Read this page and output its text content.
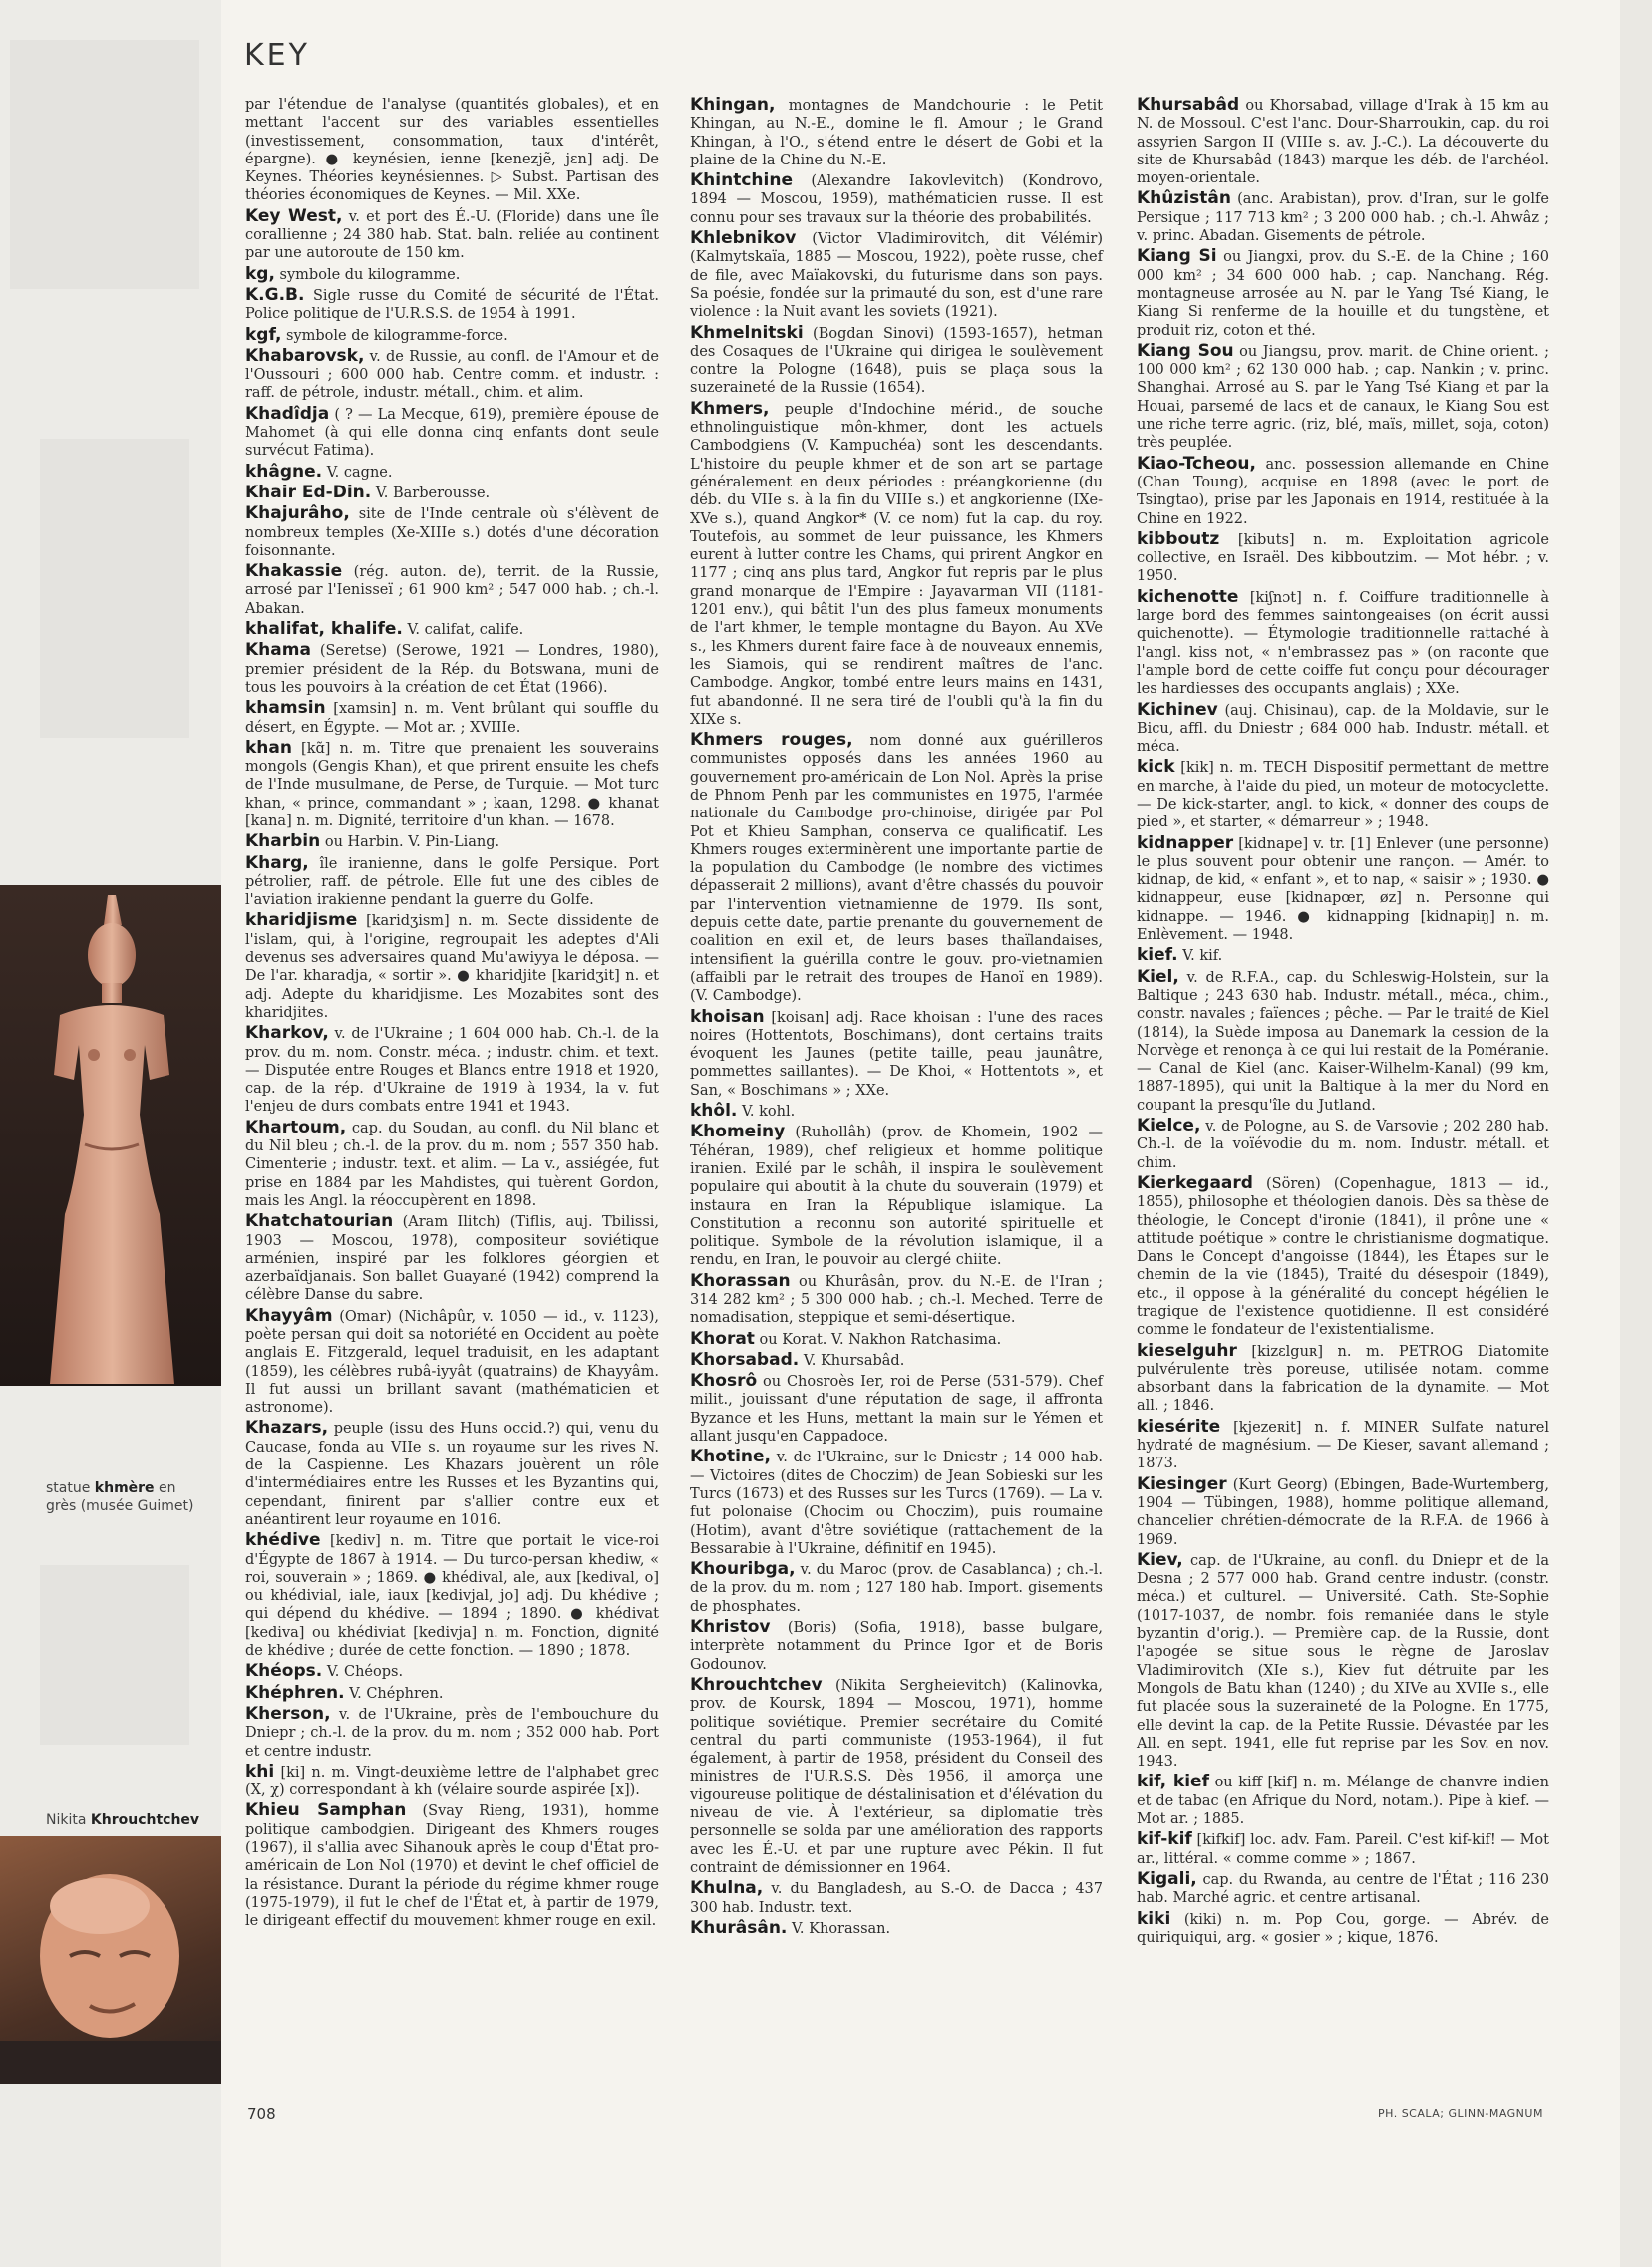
KEY
statue khmère en grès (musée Guimet)
Nikita Khrouchtchev
par l'étendue de l'analyse (quantités globales), et en mettant l'accent sur des variables essentielles (investissement, consommation, taux d'intérêt, épargne). ● keynésien, ienne [kenezjẽ, jɛn] adj. De Keynes. Théories keynésiennes. ▷ Subst. Partisan des théories économiques de Keynes. — Mil. XXe.
Key West, v. et port des É.-U. (Floride) dans une île corallienne ; 24 380 hab. Stat. baln. reliée au continent par une autoroute de 150 km.
kg, symbole du kilogramme.
K.G.B. Sigle russe du Comité de sécurité de l'État. Police politique de l'U.R.S.S. de 1954 à 1991.
kgf, symbole de kilogramme-force.
Khabarovsk, v. de Russie, au confl. de l'Amour et de l'Oussouri ; 600 000 hab. Centre comm. et industr. : raff. de pétrole, industr. métall., chim. et alim.
Khadîdja ( ? — La Mecque, 619), première épouse de Mahomet (à qui elle donna cinq enfants dont seule survécut Fatima).
khâgne. V. cagne.
Khair Ed-Din. V. Barberousse.
Khajurâho, site de l'Inde centrale où s'élèvent de nombreux temples (Xe-XIIIe s.) dotés d'une décoration foisonnante.
Khakassie (rég. auton. de), territ. de la Russie, arrosé par l'Ienisseï ; 61 900 km² ; 547 000 hab. ; ch.-l. Abakan.
khalifat, khalife. V. califat, calife.
Khama (Seretse) (Serowe, 1921 — Londres, 1980), premier président de la Rép. du Botswana, muni de tous les pouvoirs à la création de cet État (1966).
khamsin [xamsin] n. m. Vent brûlant qui souffle du désert, en Égypte. — Mot ar. ; XVIIIe.
khan [kɑ̃] n. m. Titre que prenaient les souverains mongols (Gengis Khan), et que prirent ensuite les chefs de l'Inde musulmane, de Perse, de Turquie. — Mot turc khan, « prince, commandant » ; kaan, 1298. ● khanat [kana] n. m. Dignité, territoire d'un khan. — 1678.
Kharbin ou Harbin. V. Pin-Liang.
Kharg, île iranienne, dans le golfe Persique. Port pétrolier, raff. de pétrole. Elle fut une des cibles de l'aviation irakienne pendant la guerre du Golfe.
kharidjisme [karidʒism] n. m. Secte dissidente de l'islam, qui, à l'origine, regroupait les adeptes d'Ali devenus ses adversaires quand Mu'awiyya le déposa. — De l'ar. kharadja, « sortir ». ● kharidjite [karidʒit] n. et adj. Adepte du kharidjisme. Les Mozabites sont des kharidjites.
Kharkov, v. de l'Ukraine ; 1 604 000 hab. Ch.-l. de la prov. du m. nom. Constr. méca. ; industr. chim. et text. — Disputée entre Rouges et Blancs entre 1918 et 1920, cap. de la rép. d'Ukraine de 1919 à 1934, la v. fut l'enjeu de durs combats entre 1941 et 1943.
Khartoum, cap. du Soudan, au confl. du Nil blanc et du Nil bleu ; ch.-l. de la prov. du m. nom ; 557 350 hab. Cimenterie ; industr. text. et alim. — La v., assiégée, fut prise en 1884 par les Mahdistes, qui tuèrent Gordon, mais les Angl. la réoccupèrent en 1898.
Khatchatourian (Aram Ilitch) (Tiflis, auj. Tbilissi, 1903 — Moscou, 1978), compositeur soviétique arménien, inspiré par les folklores géorgien et azerbaïdjanais. Son ballet Guayané (1942) comprend la célèbre Danse du sabre.
Khayyâm (Omar) (Nichâpûr, v. 1050 — id., v. 1123), poète persan qui doit sa notoriété en Occident au poète anglais E. Fitzgerald, lequel traduisit, en les adaptant (1859), les célèbres rubâ-iyyât (quatrains) de Khayyâm. Il fut aussi un brillant savant (mathématicien et astronome).
Khazars, peuple (issu des Huns occid.?) qui, venu du Caucase, fonda au VIIe s. un royaume sur les rives N. de la Caspienne. Les Khazars jouèrent un rôle d'intermédiaires entre les Russes et les Byzantins qui, cependant, finirent par s'allier contre eux et anéantirent leur royaume en 1016.
khédive [kediv] n. m. Titre que portait le vice-roi d'Égypte de 1867 à 1914. — Du turco-persan khediw, « roi, souverain » ; 1869. ● khédival, ale, aux [kedival, o] ou khédivial, iale, iaux [kedivjal, jo] adj. Du khédive ; qui dépend du khédive. — 1894 ; 1890. ● khédivat [kediva] ou khédiviat [kedivja] n. m. Fonction, dignité de khédive ; durée de cette fonction. — 1890 ; 1878.
Khéops. V. Chéops.
Khéphren. V. Chéphren.
Kherson, v. de l'Ukraine, près de l'embouchure du Dniepr ; ch.-l. de la prov. du m. nom ; 352 000 hab. Port et centre industr.
khi [ki] n. m. Vingt-deuxième lettre de l'alphabet grec (Χ, χ) correspondant à kh (vélaire sourde aspirée [x]).
Khieu Samphan (Svay Rieng, 1931), homme politique cambodgien. Dirigeant des Khmers rouges (1967), il s'allia avec Sihanouk après le coup d'État pro-américain de Lon Nol (1970) et devint le chef officiel de la résistance. Durant la période du régime khmer rouge (1975-1979), il fut le chef de l'État et, à partir de 1979, le dirigeant effectif du mouvement khmer rouge en exil.
Khingan, montagnes de Mandchourie : le Petit Khingan, au N.-E., domine le fl. Amour ; le Grand Khingan, à l'O., s'étend entre le désert de Gobi et la plaine de la Chine du N.-E.
Khintchine (Alexandre Iakovlevitch) (Kondrovo, 1894 — Moscou, 1959), mathématicien russe. Il est connu pour ses travaux sur la théorie des probabilités.
Khlebnikov (Victor Vladimirovitch, dit Vélémir) (Kalmytskaïa, 1885 — Moscou, 1922), poète russe, chef de file, avec Maïakovski, du futurisme dans son pays. Sa poésie, fondée sur la primauté du son, est d'une rare violence : la Nuit avant les soviets (1921).
Khmelnitski (Bogdan Sinovi) (1593-1657), hetman des Cosaques de l'Ukraine qui dirigea le soulèvement contre la Pologne (1648), puis se plaça sous la suzeraineté de la Russie (1654).
Khmers, peuple d'Indochine mérid., de souche ethnolinguistique môn-khmer, dont les actuels Cambodgiens (V. Kampuchéa) sont les descendants. L'histoire du peuple khmer et de son art se partage généralement en deux périodes : préangkorienne (du déb. du VIIe s. à la fin du VIIIe s.) et angkorienne (IXe-XVe s.), quand Angkor* (V. ce nom) fut la cap. du roy. Toutefois, au sommet de leur puissance, les Khmers eurent à lutter contre les Chams, qui prirent Angkor en 1177 ; cinq ans plus tard, Angkor fut repris par le plus grand monarque de l'Empire : Jayavarman VII (1181-1201 env.), qui bâtit l'un des plus fameux monuments de l'art khmer, le temple montagne du Bayon. Au XVe s., les Khmers durent faire face à de nouveaux ennemis, les Siamois, qui se rendirent maîtres de l'anc. Cambodge. Angkor, tombé entre leurs mains en 1431, fut abandonné. Il ne sera tiré de l'oubli qu'à la fin du XIXe s.
Khmers rouges, nom donné aux guérilleros communistes opposés dans les années 1960 au gouvernement pro-américain de Lon Nol. Après la prise de Phnom Penh par les communistes en 1975, l'armée nationale du Cambodge pro-chinoise, dirigée par Pol Pot et Khieu Samphan, conserva ce qualificatif. Les Khmers rouges exterminèrent une importante partie de la population du Cambodge (le nombre des victimes dépasserait 2 millions), avant d'être chassés du pouvoir par l'intervention vietnamienne de 1979. Ils sont, depuis cette date, partie prenante du gouvernement de coalition en exil et, de leurs bases thaïlandaises, intensifient la guérilla contre le gouv. pro-vietnamien (affaibli par le retrait des troupes de Hanoï en 1989). (V. Cambodge).
khoisan [koisan] adj. Race khoisan : l'une des races noires (Hottentots, Boschimans), dont certains traits évoquent les Jaunes (petite taille, peau jaunâtre, pommettes saillantes). — De Khoi, « Hottentots », et San, « Boschimans » ; XXe.
khôl. V. kohl.
Khomeiny (Ruhollâh) (prov. de Khomein, 1902 — Téhéran, 1989), chef religieux et homme politique iranien. Exilé par le schâh, il inspira le soulèvement populaire qui aboutit à la chute du souverain (1979) et instaura en Iran la République islamique. La Constitution a reconnu son autorité spirituelle et politique. Symbole de la révolution islamique, il a rendu, en Iran, le pouvoir au clergé chiite.
Khorassan ou Khurâsân, prov. du N.-E. de l'Iran ; 314 282 km² ; 5 300 000 hab. ; ch.-l. Meched. Terre de nomadisation, steppique et semi-désertique.
Khorat ou Korat. V. Nakhon Ratchasima.
Khorsabad. V. Khursabâd.
Khosrô ou Chosroès Ier, roi de Perse (531-579). Chef milit., jouissant d'une réputation de sage, il affronta Byzance et les Huns, mettant la main sur le Yémen et allant jusqu'en Cappadoce.
Khotine, v. de l'Ukraine, sur le Dniestr ; 14 000 hab. — Victoires (dites de Choczim) de Jean Sobieski sur les Turcs (1673) et des Russes sur les Turcs (1769). — La v. fut polonaise (Chocim ou Choczim), puis roumaine (Hotim), avant d'être soviétique (rattachement de la Bessarabie à l'Ukraine, définitif en 1945).
Khouribga, v. du Maroc (prov. de Casablanca) ; ch.-l. de la prov. du m. nom ; 127 180 hab. Import. gisements de phosphates.
Khristov (Boris) (Sofia, 1918), basse bulgare, interprète notamment du Prince Igor et de Boris Godounov.
Khrouchtchev (Nikita Sergheievitch) (Kalinovka, prov. de Koursk, 1894 — Moscou, 1971), homme politique soviétique. Premier secrétaire du Comité central du parti communiste (1953-1964), il fut également, à partir de 1958, président du Conseil des ministres de l'U.R.S.S. Dès 1956, il amorça une vigoureuse politique de déstalinisation et d'élévation du niveau de vie. À l'extérieur, sa diplomatie très personnelle se solda par une amélioration des rapports avec les É.-U. et par une rupture avec Pékin. Il fut contraint de démissionner en 1964.
Khulna, v. du Bangladesh, au S.-O. de Dacca ; 437 300 hab. Industr. text.
Khurâsân. V. Khorassan.
Khursabâd ou Khorsabad, village d'Irak à 15 km au N. de Mossoul. C'est l'anc. Dour-Sharroukin, cap. du roi assyrien Sargon II (VIIIe s. av. J.-C.). La découverte du site de Khursabâd (1843) marque les déb. de l'archéol. moyen-orientale.
Khûzistân (anc. Arabistan), prov. d'Iran, sur le golfe Persique ; 117 713 km² ; 3 200 000 hab. ; ch.-l. Ahwâz ; v. princ. Abadan. Gisements de pétrole.
Kiang Si ou Jiangxi, prov. du S.-E. de la Chine ; 160 000 km² ; 34 600 000 hab. ; cap. Nanchang. Rég. montagneuse arrosée au N. par le Yang Tsé Kiang, le Kiang Si renferme de la houille et du tungstène, et produit riz, coton et thé.
Kiang Sou ou Jiangsu, prov. marit. de Chine orient. ; 100 000 km² ; 62 130 000 hab. ; cap. Nankin ; v. princ. Shanghai. Arrosé au S. par le Yang Tsé Kiang et par la Houai, parsemé de lacs et de canaux, le Kiang Sou est une riche terre agric. (riz, blé, maïs, millet, soja, coton) très peuplée.
Kiao-Tcheou, anc. possession allemande en Chine (Chan Toung), acquise en 1898 (avec le port de Tsingtao), prise par les Japonais en 1914, restituée à la Chine en 1922.
kibboutz [kibuts] n. m. Exploitation agricole collective, en Israël. Des kibboutzim. — Mot hébr. ; v. 1950.
kichenotte [kiʃnɔt] n. f. Coiffure traditionnelle à large bord des femmes saintongeaises (on écrit aussi quichenotte). — Étymologie traditionnelle rattaché à l'angl. kiss not, « n'embrassez pas » (on raconte que l'ample bord de cette coiffe fut conçu pour décourager les hardiesses des occupants anglais) ; XXe.
Kichinev (auj. Chisinau), cap. de la Moldavie, sur le Bicu, affl. du Dniestr ; 684 000 hab. Industr. métall. et méca.
kick [kik] n. m. TECH Dispositif permettant de mettre en marche, à l'aide du pied, un moteur de motocyclette. — De kick-starter, angl. to kick, « donner des coups de pied », et starter, « démarreur » ; 1948.
kidnapper [kidnape] v. tr. [1] Enlever (une personne) le plus souvent pour obtenir une rançon. — Amér. to kidnap, de kid, « enfant », et to nap, « saisir » ; 1930. ● kidnappeur, euse [kidnapœr, øz] n. Personne qui kidnappe. — 1946. ● kidnapping [kidnapiŋ] n. m. Enlèvement. — 1948.
kief. V. kif.
Kiel, v. de R.F.A., cap. du Schleswig-Holstein, sur la Baltique ; 243 630 hab. Industr. métall., méca., chim., constr. navales ; faïences ; pêche. — Par le traité de Kiel (1814), la Suède imposa au Danemark la cession de la Norvège et renonça à ce qui lui restait de la Poméranie. — Canal de Kiel (anc. Kaiser-Wilhelm-Kanal) (99 km, 1887-1895), qui unit la Baltique à la mer du Nord en coupant la presqu'île du Jutland.
Kielce, v. de Pologne, au S. de Varsovie ; 202 280 hab. Ch.-l. de la voïévodie du m. nom. Industr. métall. et chim.
Kierkegaard (Sören) (Copenhague, 1813 — id., 1855), philosophe et théologien danois. Dès sa thèse de théologie, le Concept d'ironie (1841), il prône une « attitude poétique » contre le christianisme dogmatique. Dans le Concept d'angoisse (1844), les Étapes sur le chemin de la vie (1845), Traité du désespoir (1849), etc., il oppose à la généralité du concept hégélien le tragique de l'existence quotidienne. Il est considéré comme le fondateur de l'existentialisme.
kieselguhr [kizɛlguʀ] n. m. PETROG Diatomite pulvérulente très poreuse, utilisée notam. comme absorbant dans la fabrication de la dynamite. — Mot all. ; 1846.
kiesérite [kjezeʀit] n. f. MINER Sulfate naturel hydraté de magnésium. — De Kieser, savant allemand ; 1873.
Kiesinger (Kurt Georg) (Ebingen, Bade-Wurtemberg, 1904 — Tübingen, 1988), homme politique allemand, chancelier chrétien-démocrate de la R.F.A. de 1966 à 1969.
Kiev, cap. de l'Ukraine, au confl. du Dniepr et de la Desna ; 2 577 000 hab. Grand centre industr. (constr. méca.) et culturel. — Université. Cath. Ste-Sophie (1017-1037, de nombr. fois remaniée dans le style byzantin d'orig.). — Première cap. de la Russie, dont l'apogée se situe sous le règne de Jaroslav Vladimirovitch (XIe s.), Kiev fut détruite par les Mongols de Batu khan (1240) ; du XIVe au XVIIe s., elle fut placée sous la suzeraineté de la Pologne. En 1775, elle devint la cap. de la Petite Russie. Dévastée par les All. en sept. 1941, elle fut reprise par les Sov. en nov. 1943.
kif, kief ou kiff [kif] n. m. Mélange de chanvre indien et de tabac (en Afrique du Nord, notam.). Pipe à kief. — Mot ar. ; 1885.
kif-kif [kifkif] loc. adv. Fam. Pareil. C'est kif-kif! — Mot ar., littéral. « comme comme » ; 1867.
Kigali, cap. du Rwanda, au centre de l'État ; 116 230 hab. Marché agric. et centre artisanal.
kiki (kiki) n. m. Pop Cou, gorge. — Abrév. de quiriquiqui, arg. « gosier » ; kique, 1876.
708	PH. SCALA; GLINN-MAGNUM
